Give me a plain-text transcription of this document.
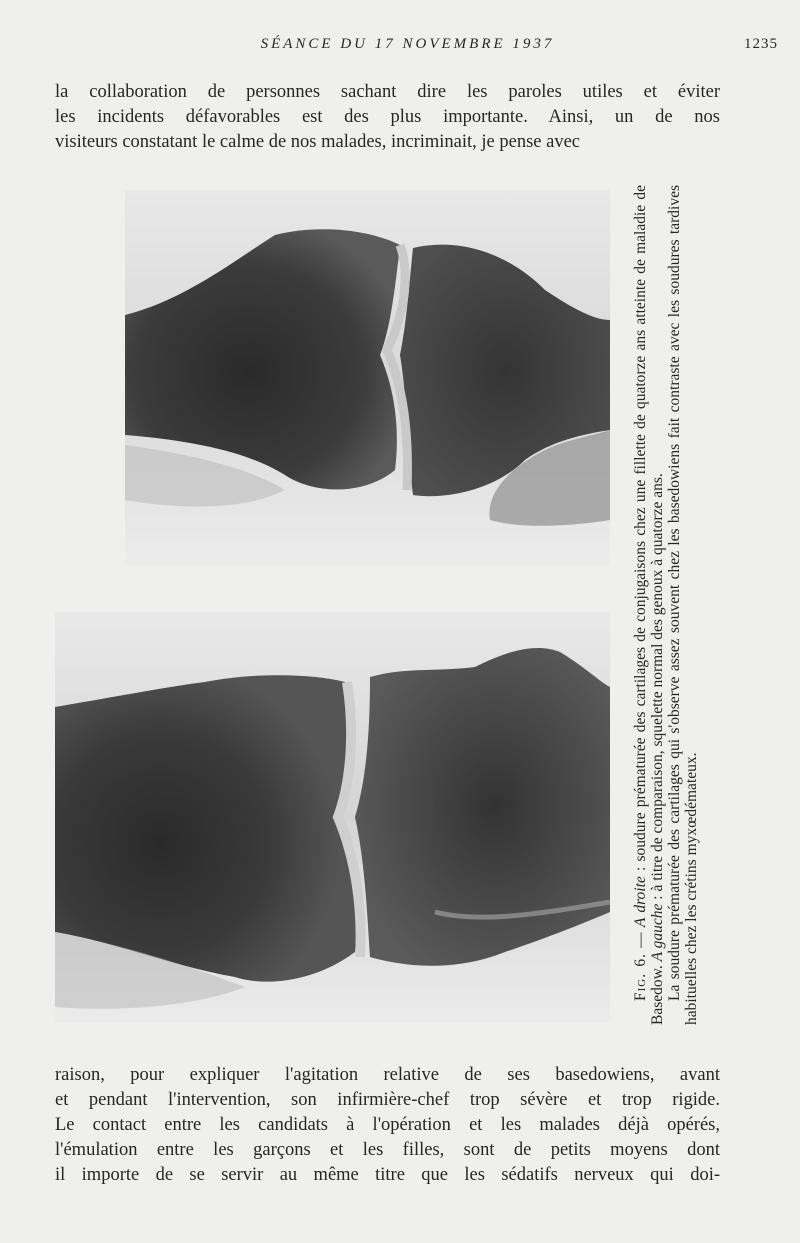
SÉANCE DU 17 NOVEMBRE 1937	1235
la collaboration de personnes sachant dire les paroles utiles et éviter
les incidents défavorables est des plus importante. Ainsi, un de nos
visiteurs constatant le calme de nos malades, incriminait, je pense avec

Fig. 6. — A droite : soudure prématurée des cartilages de conjugaisons chez une fillette de quatorze ans atteinte de maladie de Basedow. A gauche : à titre de comparaison, squelette normal des genoux à quatorze ans. La soudure prématurée des cartilages qui s'observe assez souvent chez les basedowiens fait contraste avec les soudures tardives habituelles chez les crétins myxœdémateux.

raison, pour expliquer l'agitation relative de ses basedowiens, avant
et pendant l'intervention, son infirmière-chef trop sévère et trop rigide.
Le contact entre les candidats à l'opération et les malades déjà opérés,
l'émulation entre les garçons et les filles, sont de petits moyens dont
il importe de se servir au même titre que les sédatifs nerveux qui doi-
